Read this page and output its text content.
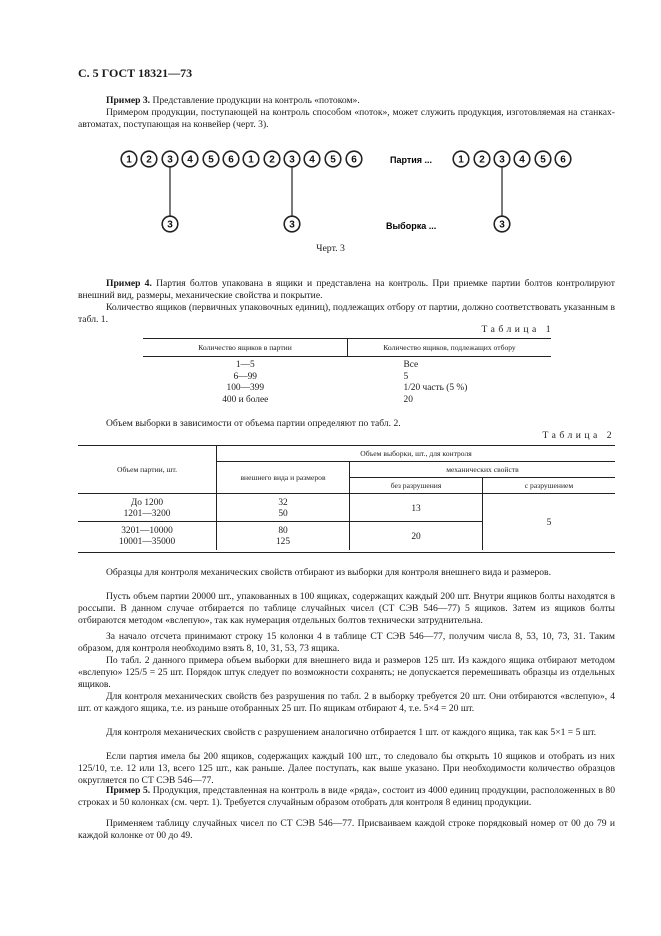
С. 5 ГОСТ 18321—73
Пример 3. Представление продукции на контроль «потоком».
Примером продукции, поступающей на контроль способом «поток», может служить продукция, изготовляемая на станках-автоматах, поступающая на конвейер (черт. 3).
1 2 3 4 5 6 1 2 3 4 5 6	1 2 3 4 5 6
3	3	3
Партия ...
Выборка ...
Черт. 3
Пример 4. Партия болтов упакована в ящики и представлена на контроль. При приемке партии болтов контролируют внешний вид, размеры, механические свойства и покрытие.
Количество ящиков (первичных упаковочных единиц), подлежащих отбору от партии, должно соответствовать указанным в табл. 1.
Таблица 1
Количество ящиков в партии	Количество ящиков, подлежащих отбору
1—5	Все
6—99	5
100—399	1/20 часть (5 %)
400 и более	20
Объем выборки в зависимости от объема партии определяют по табл. 2.
Таблица 2
Объем партии, шт.	Объем выборки, шт., для контроля		
	внешнего вида и размеров	механических свойств	
		без разрушения	с разрушением
До 1200	32	13	5
1201—3200	50		
3201—10000	80	20	
10001—35000	125		
Образцы для контроля механических свойств отбирают из выборки для контроля внешнего вида и размеров.
Пусть объем партии 20000 шт., упакованных в 100 ящиках, содержащих каждый 200 шт. Внутри ящиков болты находятся в россыпи. В данном случае отбирается по таблице случайных чисел (СТ СЭВ 546—77) 5 ящиков. Затем из ящиков болты отбираются методом «вслепую», так как нумерация отдельных болтов технически затруднительна.
За начало отсчета принимают строку 15 колонки 4 в таблице СТ СЭВ 546—77, получим числа 8, 53, 10, 73, 31. Таким образом, для контроля необходимо взять 8, 10, 31, 53, 73 ящика.
По табл. 2 данного примера объем выборки для внешнего вида и размеров 125 шт. Из каждого ящика отбирают методом «вслепую» 125/5 = 25 шт. Порядок штук следует по возможности сохранять; не допускается перемешивать образцы из отдельных ящиков.
Для контроля механических свойств без разрушения по табл. 2 в выборку требуется 20 шт. Они отбираются «вслепую», 4 шт. от каждого ящика, т.е. из раньше отобранных 25 шт. По ящикам отбирают 4, т.е. 5×4 = 20 шт.
Для контроля механических свойств с разрушением аналогично отбирается 1 шт. от каждого ящика, так как 5×1 = 5 шт.
Если партия имела бы 200 ящиков, содержащих каждый 100 шт., то следовало бы открыть 10 ящиков и отобрать из них 125/10, т.е. 12 или 13, всего 125 шт., как раньше. Далее поступать, как выше указано. При необходимости количество образцов округляется по СТ СЭВ 546—77.
Пример 5. Продукция, представленная на контроль в виде «ряда», состоит из 4000 единиц продукции, расположенных в 80 строках и 50 колонках (см. черт. 1). Требуется случайным образом отобрать для контроля 8 единиц продукции.
Применяем таблицу случайных чисел по СТ СЭВ 546—77. Присваиваем каждой строке порядковый номер от 00 до 79 и каждой колонке от 00 до 49.
